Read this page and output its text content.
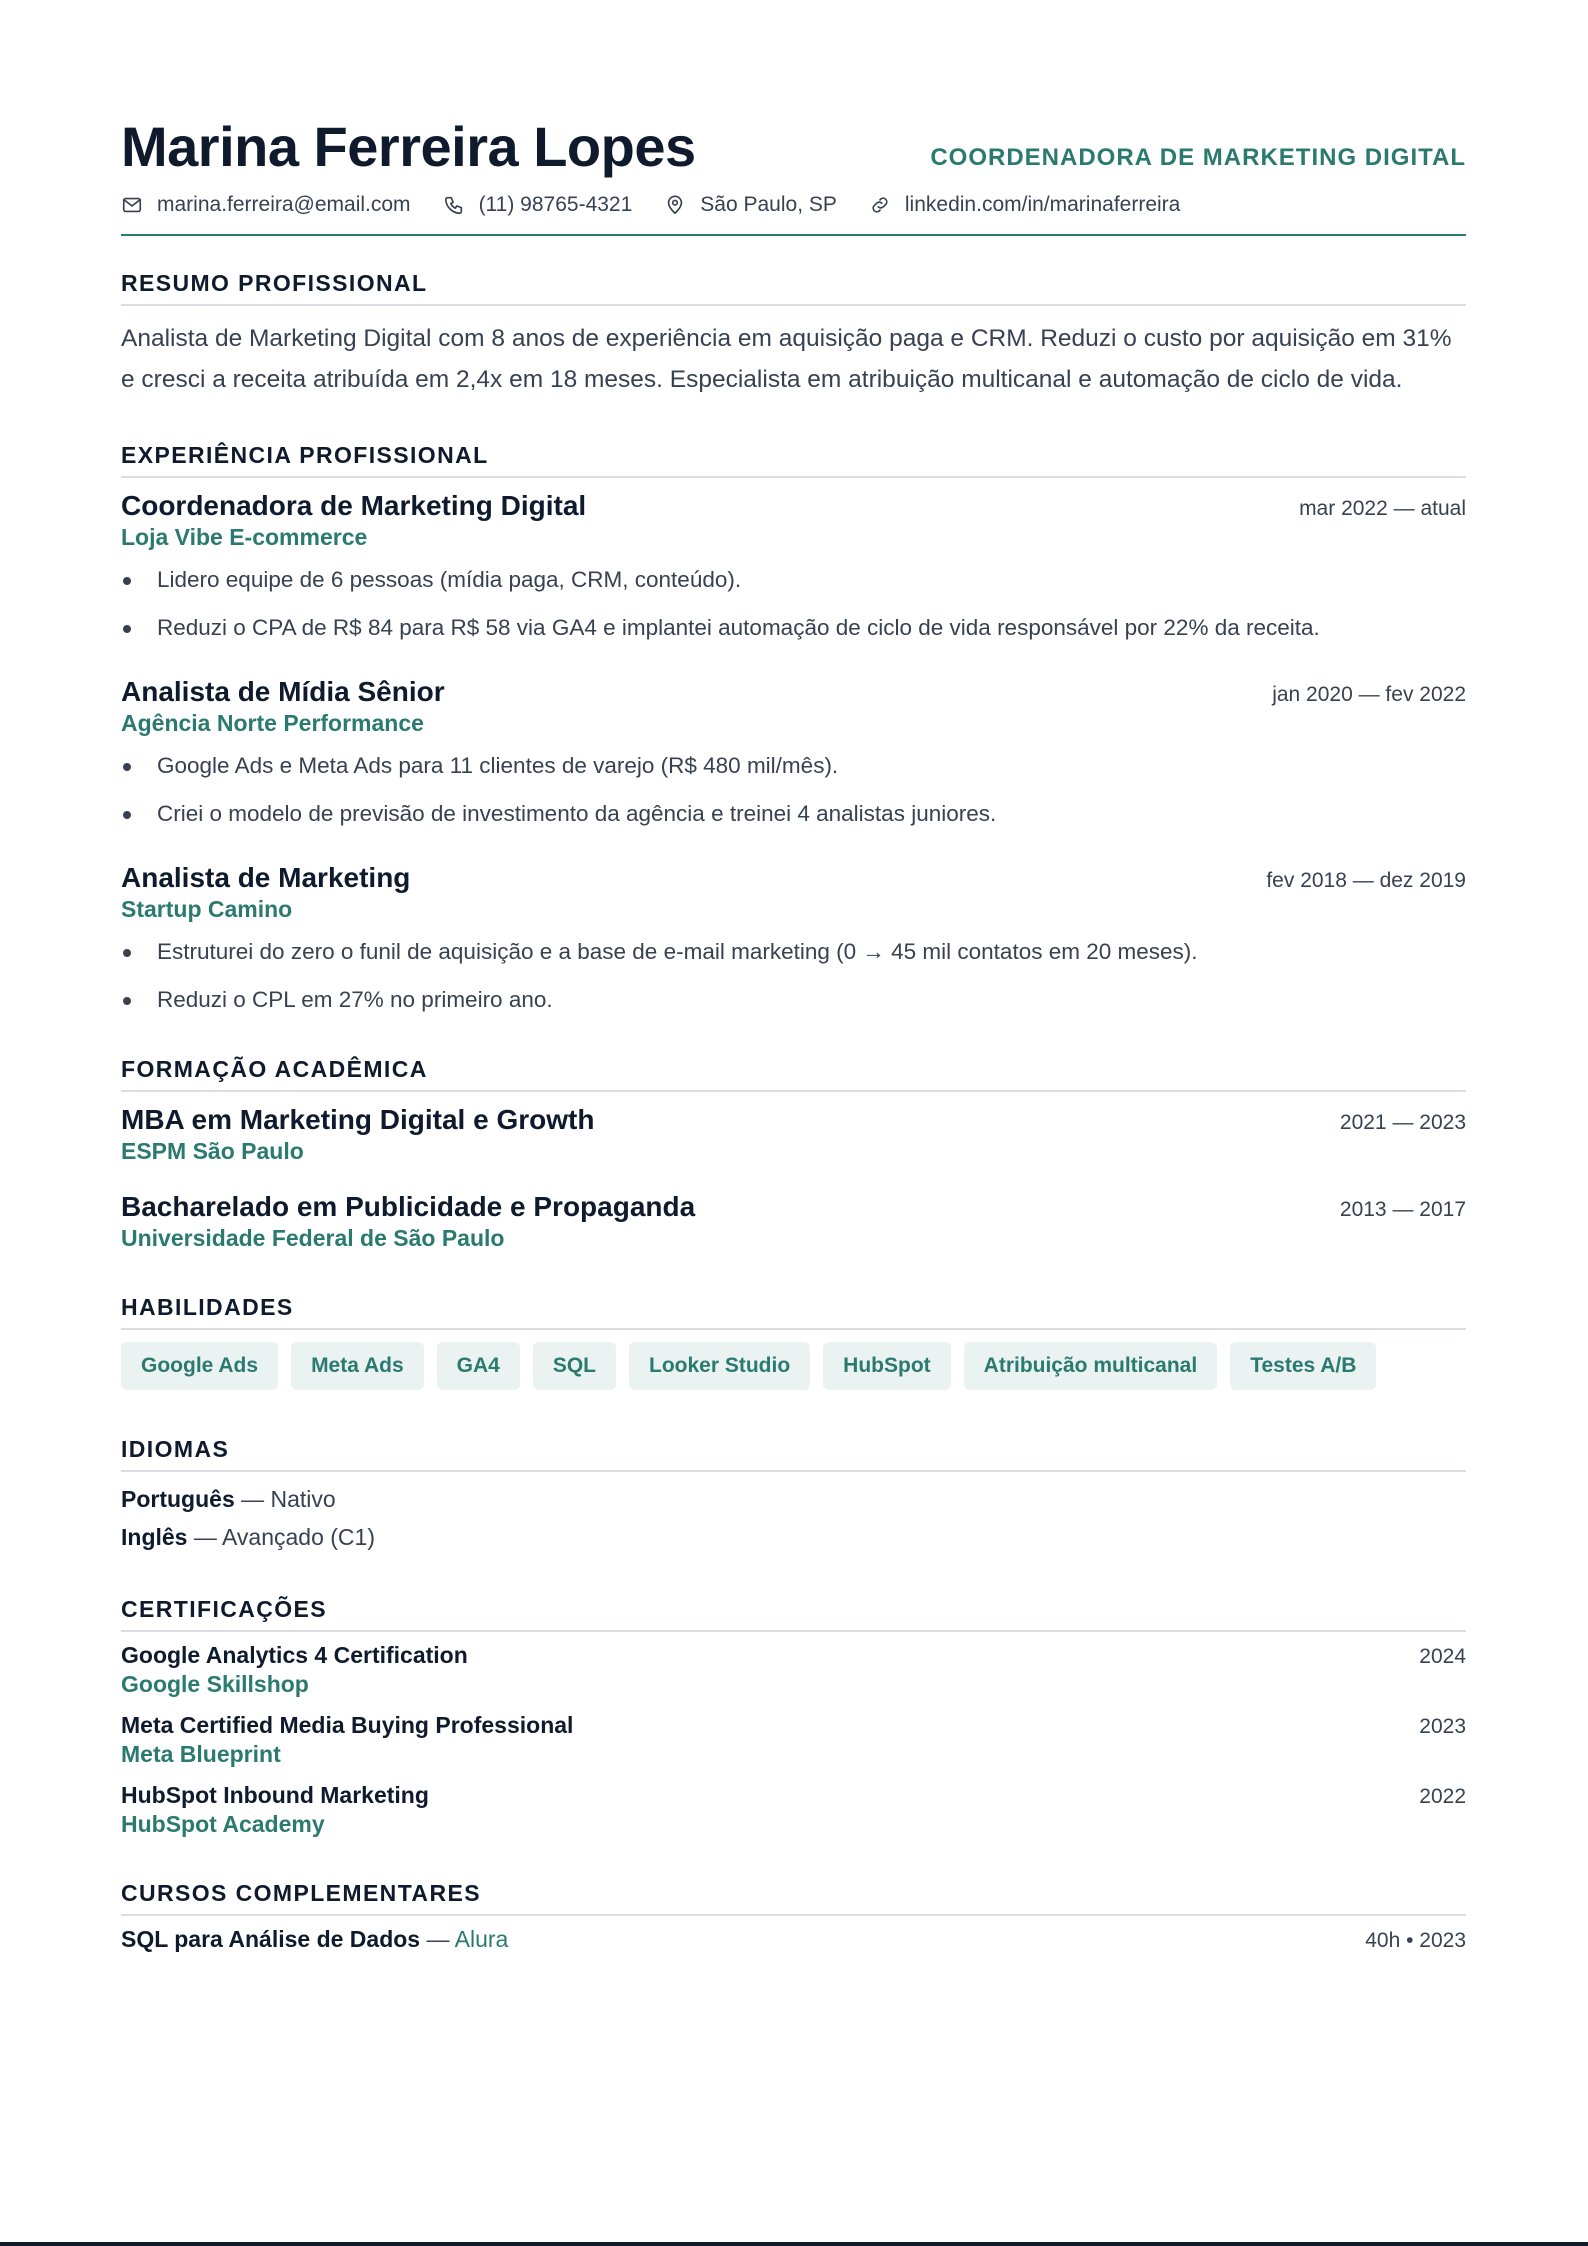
Marina Ferreira Lopes	COORDENADORA DE MARKETING DIGITAL
marina.ferreira@email.com	(11) 98765-4321	São Paulo, SP	linkedin.com/in/marinaferreira
RESUMO PROFISSIONAL

Analista de Marketing Digital com 8 anos de experiência em aquisição paga e CRM. Reduzi o custo por aquisição em 31% e cresci a receita atribuída em 2,4x em 18 meses. Especialista em atribuição multicanal e automação de ciclo de vida.

EXPERIÊNCIA PROFISSIONAL
Coordenadora de Marketing Digital	mar 2022 — atual
Loja Vibe E-commerce
Lidero equipe de 6 pessoas (mídia paga, CRM, conteúdo).
Reduzi o CPA de R$ 84 para R$ 58 via GA4 e implantei automação de ciclo de vida responsável por 22% da receita.
Analista de Mídia Sênior	jan 2020 — fev 2022
Agência Norte Performance
Google Ads e Meta Ads para 11 clientes de varejo (R$ 480 mil/mês).
Criei o modelo de previsão de investimento da agência e treinei 4 analistas juniores.
Analista de Marketing	fev 2018 — dez 2019
Startup Camino
Estruturei do zero o funil de aquisição e a base de e-mail marketing (0 → 45 mil contatos em 20 meses).
Reduzi o CPL em 27% no primeiro ano.
FORMAÇÃO ACADÊMICA
MBA em Marketing Digital e Growth	2021 — 2023
ESPM São Paulo
Bacharelado em Publicidade e Propaganda	2013 — 2017
Universidade Federal de São Paulo
HABILIDADES
Google Ads	Meta Ads	GA4	SQL	Looker Studio	HubSpot	Atribuição multicanal	Testes A/B
IDIOMAS
Português — Nativo
Inglês — Avançado (C1)
CERTIFICAÇÕES
Google Analytics 4 Certification	2024
Google Skillshop
Meta Certified Media Buying Professional	2023
Meta Blueprint
HubSpot Inbound Marketing	2022
HubSpot Academy
CURSOS COMPLEMENTARES
SQL para Análise de Dados — Alura	40h • 2023
